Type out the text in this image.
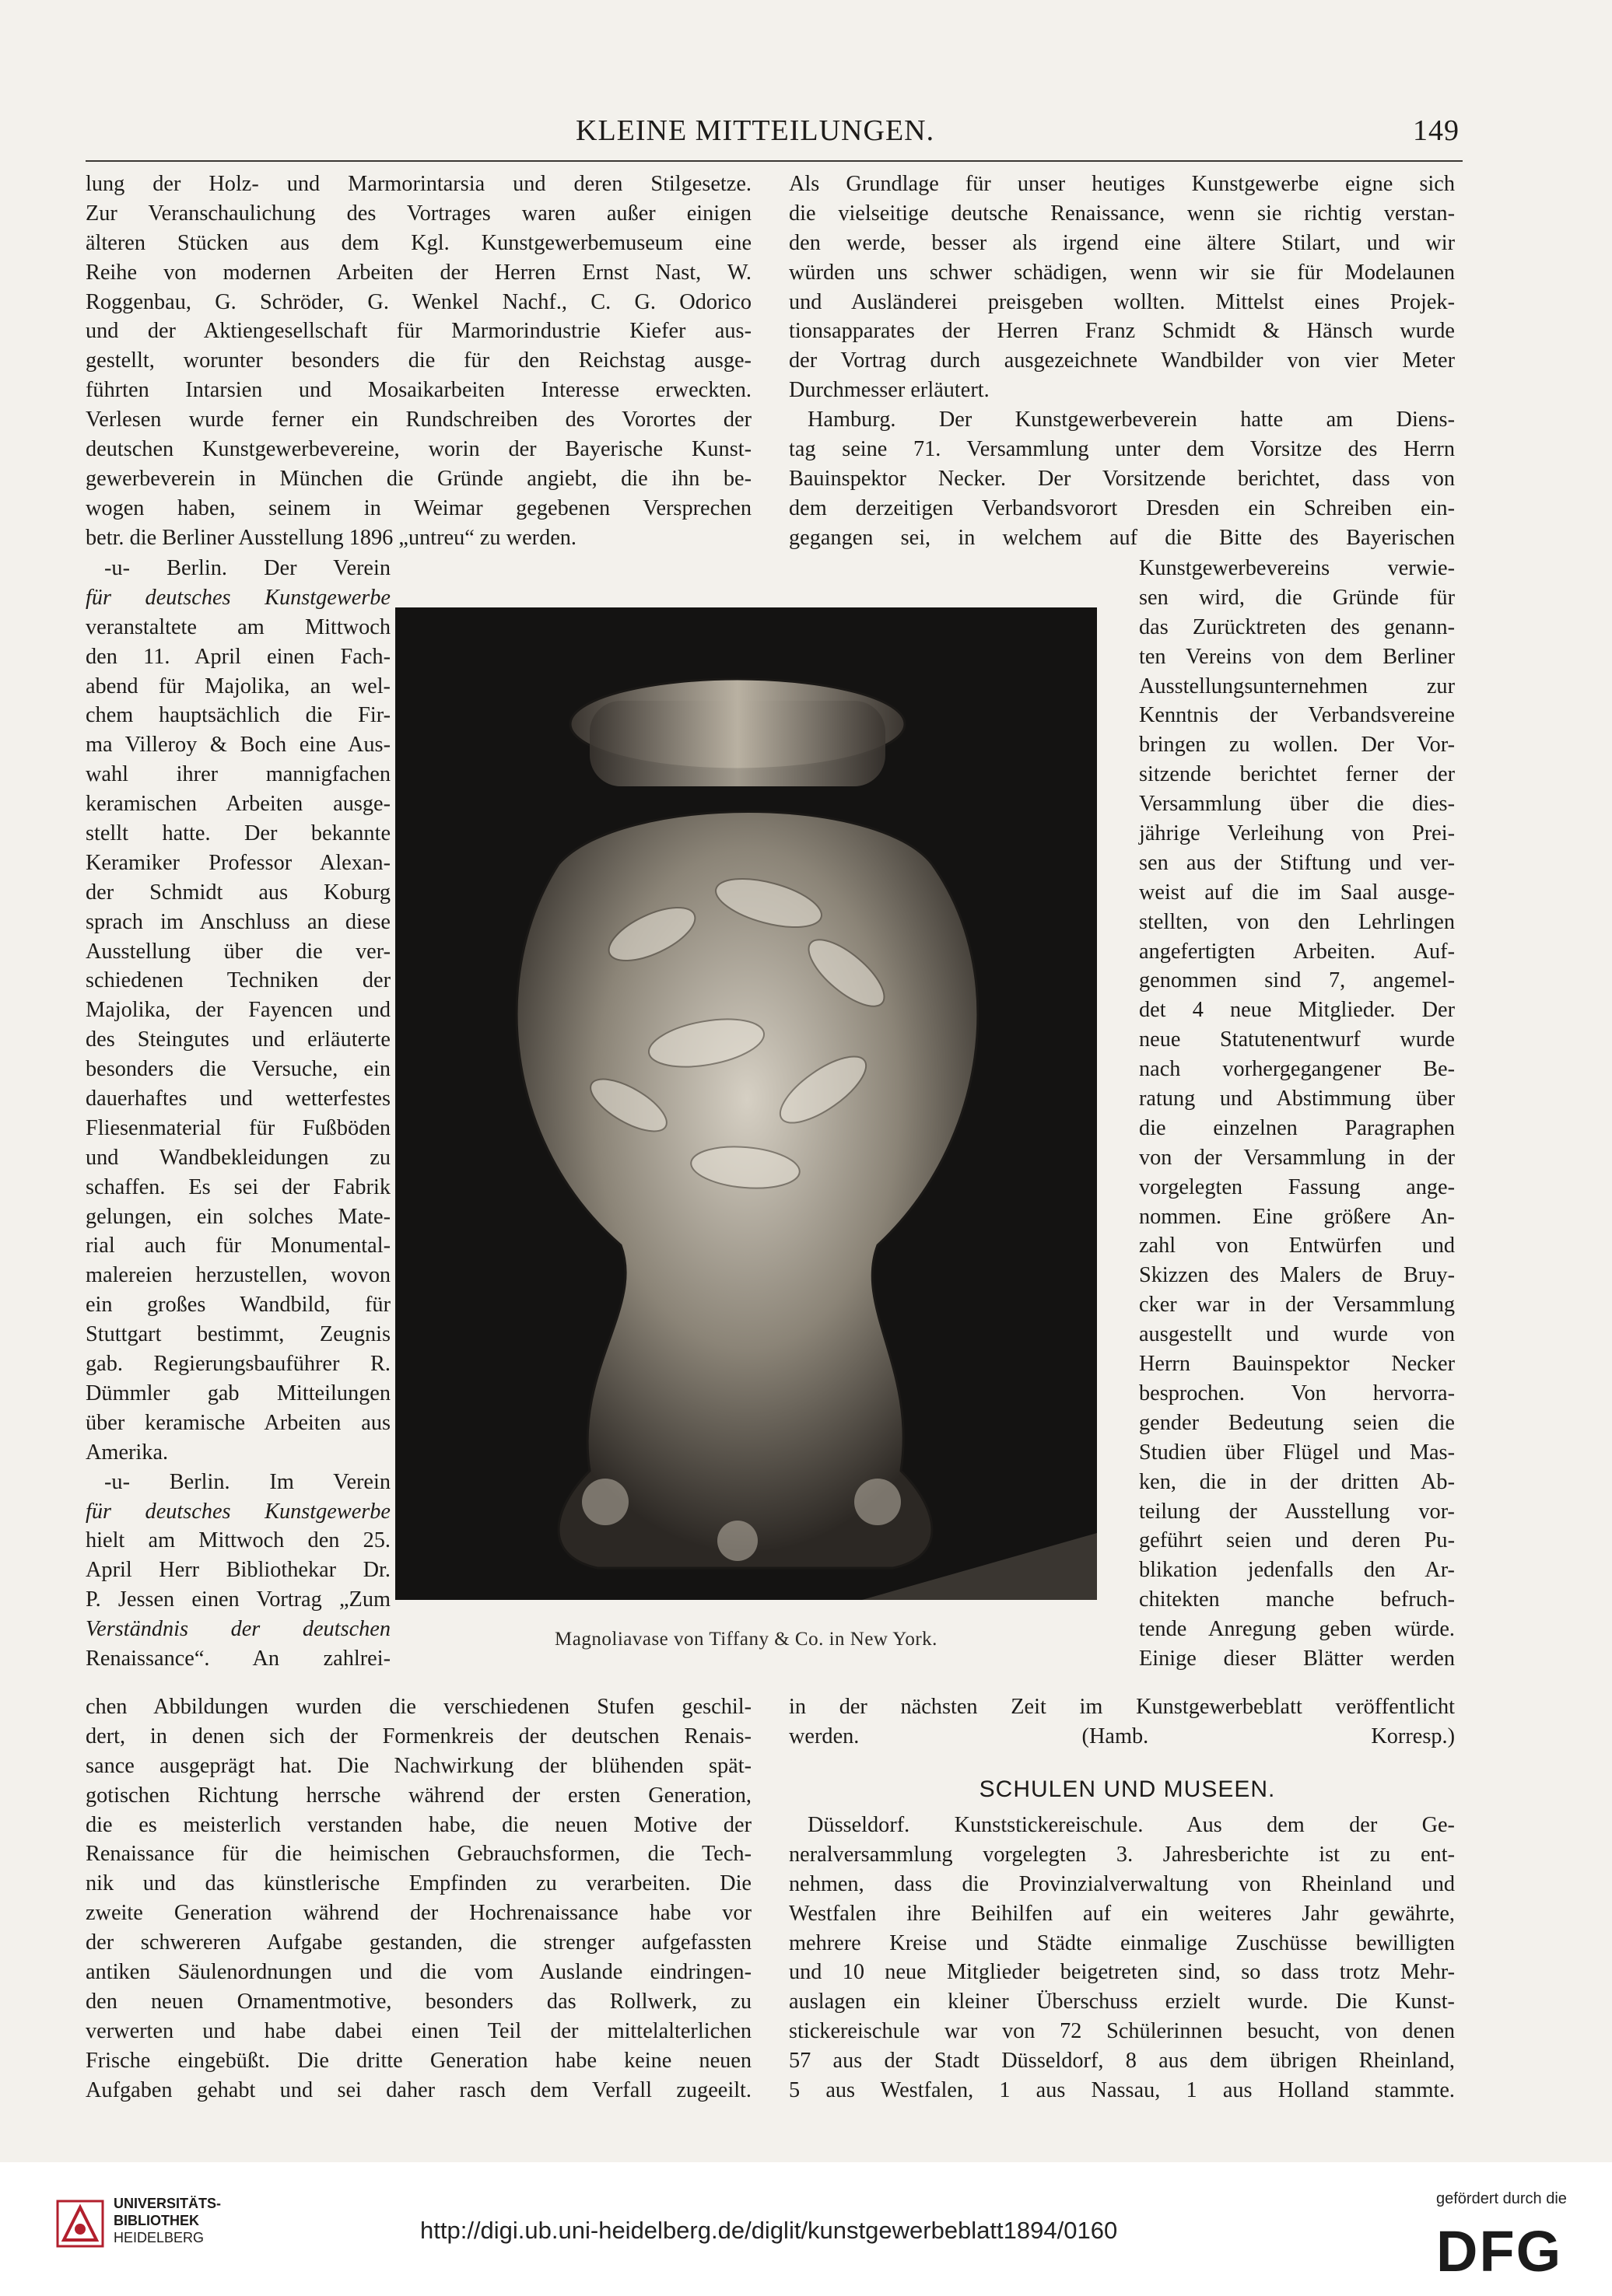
KLEINE MITTEILUNGEN.	149
lung der Holz- und Marmorintarsia und deren Stilgesetze.
Zur Veranschaulichung des Vortrages waren außer einigen
älteren Stücken aus dem Kgl. Kunstgewerbemuseum eine
Reihe von modernen Arbeiten der Herren Ernst Nast, W.
Roggenbau, G. Schröder, G. Wenkel Nachf., C. G. Odorico
und der Aktiengesellschaft für Marmorindustrie Kiefer aus-
gestellt, worunter besonders die für den Reichstag ausge-
führten Intarsien und Mosaikarbeiten Interesse erweckten.
Verlesen wurde ferner ein Rundschreiben des Vorortes der
deutschen Kunstgewerbevereine, worin der Bayerische Kunst-
gewerbeverein in München die Gründe angiebt, die ihn be-
wogen haben, seinem in Weimar gegebenen Versprechen
betr. die Berliner Ausstellung 1896 „untreu“ zu werden.
-u- Berlin. Der Verein
für deutsches Kunstgewerbe
veranstaltete am Mittwoch
den 11. April einen Fach-
abend für Majolika, an wel-
chem hauptsächlich die Fir-
ma Villeroy & Boch eine Aus-
wahl ihrer mannigfachen
keramischen Arbeiten ausge-
stellt hatte. Der bekannte
Keramiker Professor Alexan-
der Schmidt aus Koburg
sprach im Anschluss an diese
Ausstellung über die ver-
schiedenen Techniken der
Majolika, der Fayencen und
des Steingutes und erläuterte
besonders die Versuche, ein
dauerhaftes und wetterfestes
Fliesenmaterial für Fußböden
und Wandbekleidungen zu
schaffen. Es sei der Fabrik
gelungen, ein solches Mate-
rial auch für Monumental-
malereien herzustellen, wovon
ein großes Wandbild, für
Stuttgart bestimmt, Zeugnis
gab. Regierungsbauführer R.
Dümmler gab Mitteilungen
über keramische Arbeiten aus
Amerika.
-u- Berlin. Im Verein
für deutsches Kunstgewerbe
hielt am Mittwoch den 25.
April Herr Bibliothekar Dr.
P. Jessen einen Vortrag „Zum
Verständnis der deutschen
Renaissance“. An zahlrei-
chen Abbildungen wurden die verschiedenen Stufen geschil-
dert, in denen sich der Formenkreis der deutschen Renais-
sance ausgeprägt hat. Die Nachwirkung der blühenden spät-
gotischen Richtung herrsche während der ersten Generation,
die es meisterlich verstanden habe, die neuen Motive der
Renaissance für die heimischen Gebrauchsformen, die Tech-
nik und das künstlerische Empfinden zu verarbeiten. Die
zweite Generation während der Hochrenaissance habe vor
der schwereren Aufgabe gestanden, die strenger aufgefassten
antiken Säulenordnungen und die vom Auslande eindringen-
den neuen Ornamentmotive, besonders das Rollwerk, zu
verwerten und habe dabei einen Teil der mittelalterlichen
Frische eingebüßt. Die dritte Generation habe keine neuen
Aufgaben gehabt und sei daher rasch dem Verfall zugeeilt.
Als Grundlage für unser heutiges Kunstgewerbe eigne sich
die vielseitige deutsche Renaissance, wenn sie richtig verstan-
den werde, besser als irgend eine ältere Stilart, und wir
würden uns schwer schädigen, wenn wir sie für Modelaunen
und Ausländerei preisgeben wollten. Mittelst eines Projek-
tionsapparates der Herren Franz Schmidt & Hänsch wurde
der Vortrag durch ausgezeichnete Wandbilder von vier Meter
Durchmesser erläutert.
Hamburg. Der Kunstgewerbeverein hatte am Diens-
tag seine 71. Versammlung unter dem Vorsitze des Herrn
Bauinspektor Necker. Der Vorsitzende berichtet, dass von
dem derzeitigen Verbandsvorort Dresden ein Schreiben ein-
gegangen sei, in welchem auf die Bitte des Bayerischen
Kunstgewerbevereins verwie-
sen wird, die Gründe für
das Zurücktreten des genann-
ten Vereins von dem Berliner
Ausstellungsunternehmen zur
Kenntnis der Verbandsvereine
bringen zu wollen. Der Vor-
sitzende berichtet ferner der
Versammlung über die dies-
jährige Verleihung von Prei-
sen aus der Stiftung und ver-
weist auf die im Saal ausge-
stellten, von den Lehrlingen
angefertigten Arbeiten. Auf-
genommen sind 7, angemel-
det 4 neue Mitglieder. Der
neue Statutenentwurf wurde
nach vorhergegangener Be-
ratung und Abstimmung über
die einzelnen Paragraphen
von der Versammlung in der
vorgelegten Fassung ange-
nommen. Eine größere An-
zahl von Entwürfen und
Skizzen des Malers de Bruy-
cker war in der Versammlung
ausgestellt und wurde von
Herrn Bauinspektor Necker
besprochen. Von hervorra-
gender Bedeutung seien die
Studien über Flügel und Mas-
ken, die in der dritten Ab-
teilung der Ausstellung vor-
geführt seien und deren Pu-
blikation jedenfalls den Ar-
chitekten manche befruch-
tende Anregung geben würde.
Einige dieser Blätter werden
in der nächsten Zeit im Kunstgewerbeblatt veröffentlicht
werden. (Hamb. Korresp.)
SCHULEN UND MUSEEN.
Düsseldorf. Kunststickereischule. Aus dem der Ge-
neralversammlung vorgelegten 3. Jahresberichte ist zu ent-
nehmen, dass die Provinzialverwaltung von Rheinland und
Westfalen ihre Beihilfen auf ein weiteres Jahr gewährte,
mehrere Kreise und Städte einmalige Zuschüsse bewilligten
und 10 neue Mitglieder beigetreten sind, so dass trotz Mehr-
auslagen ein kleiner Überschuss erzielt wurde. Die Kunst-
stickereischule war von 72 Schülerinnen besucht, von denen
57 aus der Stadt Düsseldorf, 8 aus dem übrigen Rheinland,
5 aus Westfalen, 1 aus Nassau, 1 aus Holland stammte.
Magnoliavase von Tiffany & Co. in New York.
UNIVERSITÄTS-
BIBLIOTHEK
HEIDELBERG	http://digi.ub.uni-heidelberg.de/diglit/kunstgewerbeblatt1894/0160
gefördert durch die
DFG
